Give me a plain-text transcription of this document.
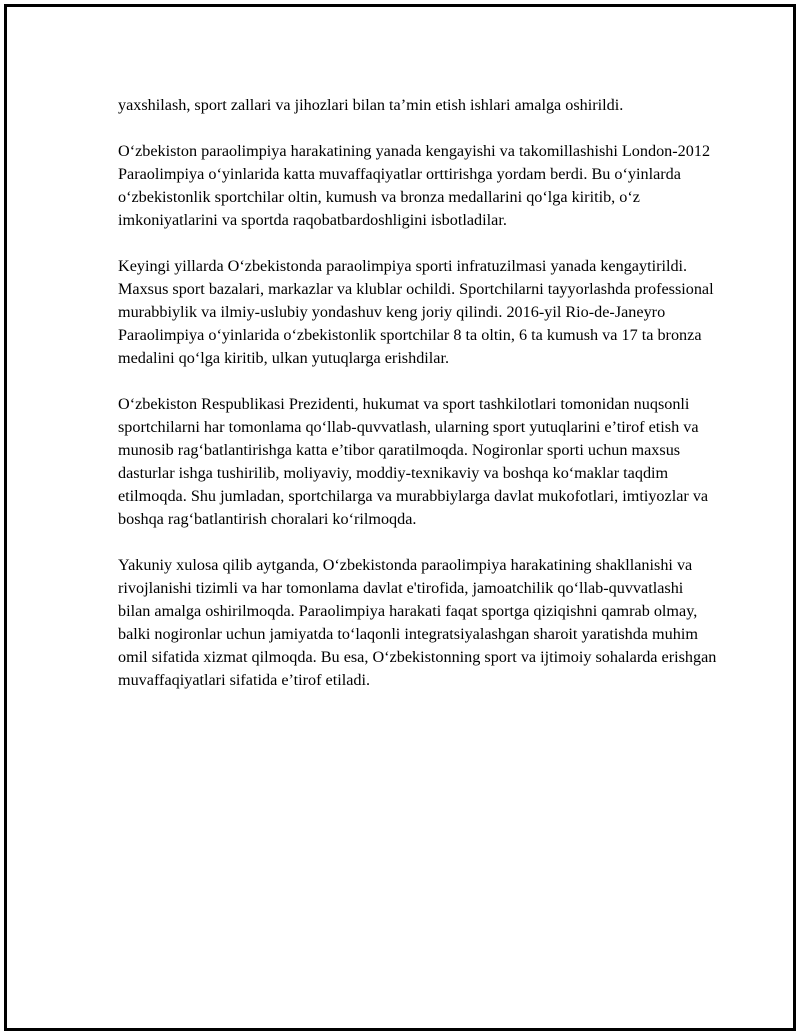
yaxshilash, sport zallari va jihozlari bilan ta’min etish ishlari amalga oshirildi.

O‘zbekiston paraolimpiya harakatining yanada kengayishi va takomillashishi London-2012 Paraolimpiya o‘yinlarida katta muvaffaqiyatlar orttirishga yordam berdi. Bu o‘yinlarda o‘zbekistonlik sportchilar oltin, kumush va bronza medallarini qo‘lga kiritib, o‘z imkoniyatlarini va sportda raqobatbardoshligini isbotladilar.

Keyingi yillarda O‘zbekistonda paraolimpiya sporti infratuzilmasi yanada kengaytirildi. Maxsus sport bazalari, markazlar va klublar ochildi. Sportchilarni tayyorlashda professional murabbiylik va ilmiy-uslubiy yondashuv keng joriy qilindi. 2016-yil Rio-de-Janeyro Paraolimpiya o‘yinlarida o‘zbekistonlik sportchilar 8 ta oltin, 6 ta kumush va 17 ta bronza medalini qo‘lga kiritib, ulkan yutuqlarga erishdilar.

O‘zbekiston Respublikasi Prezidenti, hukumat va sport tashkilotlari tomonidan nuqsonli sportchilarni har tomonlama qo‘llab-quvvatlash, ularning sport yutuqlarini e’tirof etish va munosib rag‘batlantirishga katta e’tibor qaratilmoqda. Nogironlar sporti uchun maxsus dasturlar ishga tushirilib, moliyaviy, moddiy-texnikaviy va boshqa ko‘maklar taqdim etilmoqda. Shu jumladan, sportchilarga va murabbiylarga davlat mukofotlari, imtiyozlar va boshqa rag‘batlantirish choralari ko‘rilmoqda.

Yakuniy xulosa qilib aytganda, O‘zbekistonda paraolimpiya harakatining shakllanishi va rivojlanishi tizimli va har tomonlama davlat e'tirofida, jamoatchilik qo‘llab-quvvatlashi bilan amalga oshirilmoqda. Paraolimpiya harakati faqat sportga qiziqishni qamrab olmay, balki nogironlar uchun jamiyatda to‘laqonli integratsiyalashgan sharoit yaratishda muhim omil sifatida xizmat qilmoqda. Bu esa, O‘zbekistonning sport va ijtimoiy sohalarda erishgan muvaffaqiyatlari sifatida e’tirof etiladi.
